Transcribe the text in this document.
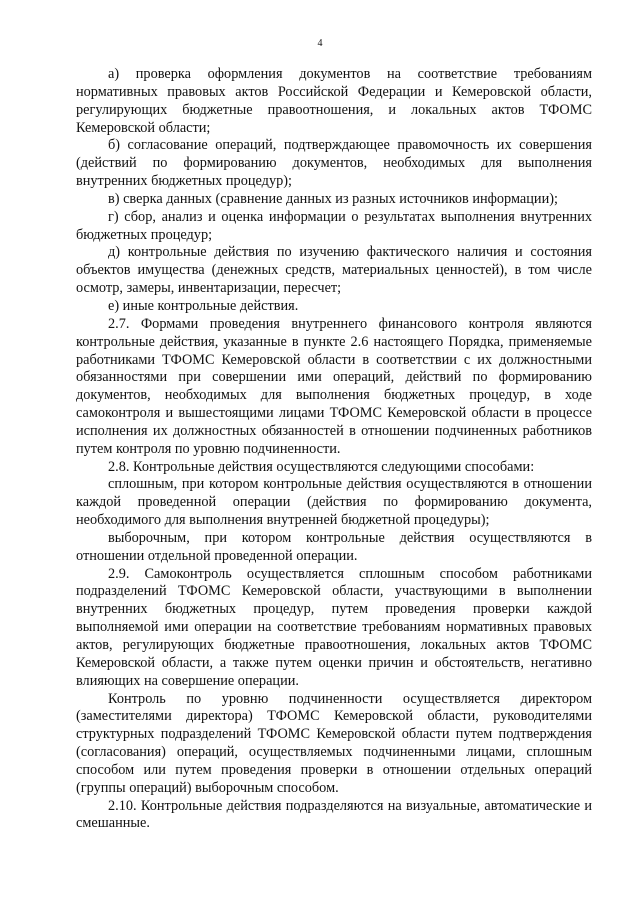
4

а) проверка оформления документов на соответствие требованиям нормативных правовых актов Российской Федерации и Кемеровской области, регулирующих бюджетные правоотношения, и локальных актов ТФОМС Кемеровской области;

б) согласование операций, подтверждающее правомочность их совершения (действий по формированию документов, необходимых для выполнения внутренних бюджетных процедур);

в) сверка данных (сравнение данных из разных источников информации);

г) сбор, анализ и оценка информации о результатах выполнения внутренних бюджетных процедур;

д) контрольные действия по изучению фактического наличия и состояния объектов имущества (денежных средств, материальных ценностей), в том числе осмотр, замеры, инвентаризации, пересчет;

е) иные контрольные действия.

2.7. Формами проведения внутреннего финансового контроля являются контрольные действия, указанные в пункте 2.6 настоящего Порядка, применяемые работниками ТФОМС Кемеровской области в соответствии с их должностными обязанностями при совершении ими операций, действий по формированию документов, необходимых для выполнения бюджетных процедур, в ходе самоконтроля и вышестоящими лицами ТФОМС Кемеровской области в процессе исполнения их должностных обязанностей в отношении подчиненных работников путем контроля по уровню подчиненности.

2.8. Контрольные действия осуществляются следующими способами:

сплошным, при котором контрольные действия осуществляются в отношении каждой проведенной операции (действия по формированию документа, необходимого для выполнения внутренней бюджетной процедуры);

выборочным, при котором контрольные действия осуществляются в отношении отдельной проведенной операции.

2.9. Самоконтроль осуществляется сплошным способом работниками подразделений ТФОМС Кемеровской области, участвующими в выполнении внутренних бюджетных процедур, путем проведения проверки каждой выполняемой ими операции на соответствие требованиям нормативных правовых актов, регулирующих бюджетные правоотношения, локальных актов ТФОМС Кемеровской области, а также путем оценки причин и обстоятельств, негативно влияющих на совершение операции.

Контроль по уровню подчиненности осуществляется директором (заместителями директора) ТФОМС Кемеровской области, руководителями структурных подразделений ТФОМС Кемеровской области путем подтверждения (согласования) операций, осуществляемых подчиненными лицами, сплошным способом или путем проведения проверки в отношении отдельных операций (группы операций) выборочным способом.

2.10. Контрольные действия подразделяются на визуальные, автоматические и смешанные.
